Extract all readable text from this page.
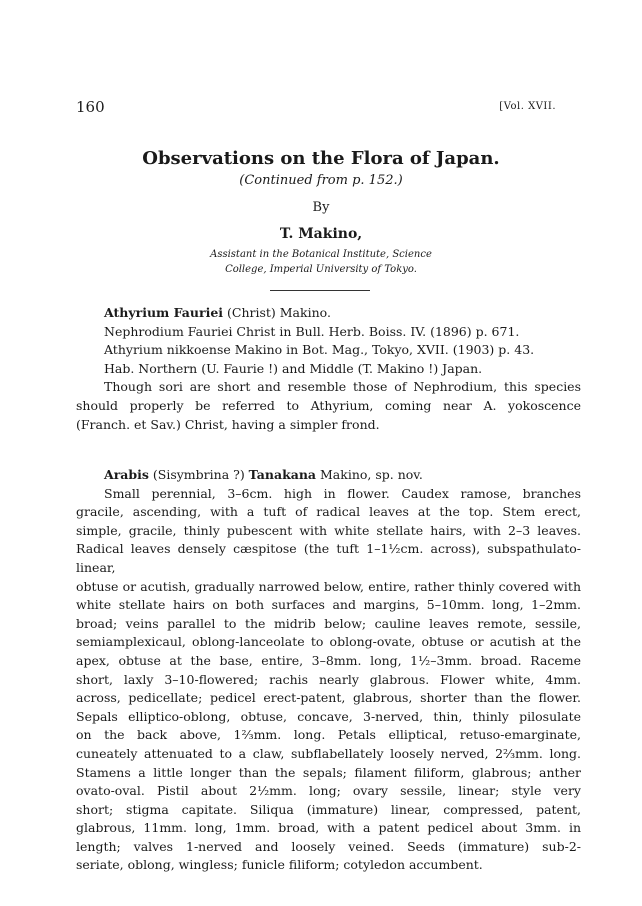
160	[Vol. XVII.
Observations on the Flora of Japan.
(Continued from p. 152.)
By
T. Makino,
Assistant in the Botanical Institute, Science
College, Imperial University of Tokyo.
Athyrium Fauriei (Christ) Makino.
Nephrodium Fauriei Christ in Bull. Herb. Boiss. IV. (1896) p. 671.
Athyrium nikkoense Makino in Bot. Mag., Tokyo, XVII. (1903) p. 43.
Hab. Northern (U. Faurie !) and Middle (T. Makino !) Japan.
Though sori are short and resemble those of Nephrodium, this species
should properly be referred to Athyrium, coming near A. yokoscence
(Franch. et Sav.) Christ, having a simpler frond.
Arabis (Sisymbrina ?) Tanakana Makino, sp. nov.
Small perennial, 3–6cm. high in flower. Caudex ramose, branches
gracile, ascending, with a tuft of radical leaves at the top. Stem erect,
simple, gracile, thinly pubescent with white stellate hairs, with 2–3 leaves.
Radical leaves densely cæspitose (the tuft 1–1½cm. across), subspathulato-linear,
obtuse or acutish, gradually narrowed below, entire, rather thinly covered with
white stellate hairs on both surfaces and margins, 5–10mm. long, 1–2mm.
broad; veins parallel to the midrib below; cauline leaves remote, sessile,
semiamplexicaul, oblong-lanceolate to oblong-ovate, obtuse or acutish at the
apex, obtuse at the base, entire, 3–8mm. long, 1½–3mm. broad. Raceme
short, laxly 3–10-flowered; rachis nearly glabrous. Flower white, 4mm.
across, pedicellate; pedicel erect-patent, glabrous, shorter than the flower.
Sepals elliptico-oblong, obtuse, concave, 3-nerved, thin, thinly pilosulate
on the back above, 1⅔mm. long. Petals elliptical, retuso-emarginate,
cuneately attenuated to a claw, subflabellately loosely nerved, 2⅔mm. long.
Stamens a little longer than the sepals; filament filiform, glabrous; anther
ovato-oval. Pistil about 2½mm. long; ovary sessile, linear; style very
short; stigma capitate. Siliqua (immature) linear, compressed, patent,
glabrous, 11mm. long, 1mm. broad, with a patent pedicel about 3mm. in
length; valves 1-nerved and loosely veined. Seeds (immature) sub-2-
seriate, oblong, wingless; funicle filiform; cotyledon accumbent.
